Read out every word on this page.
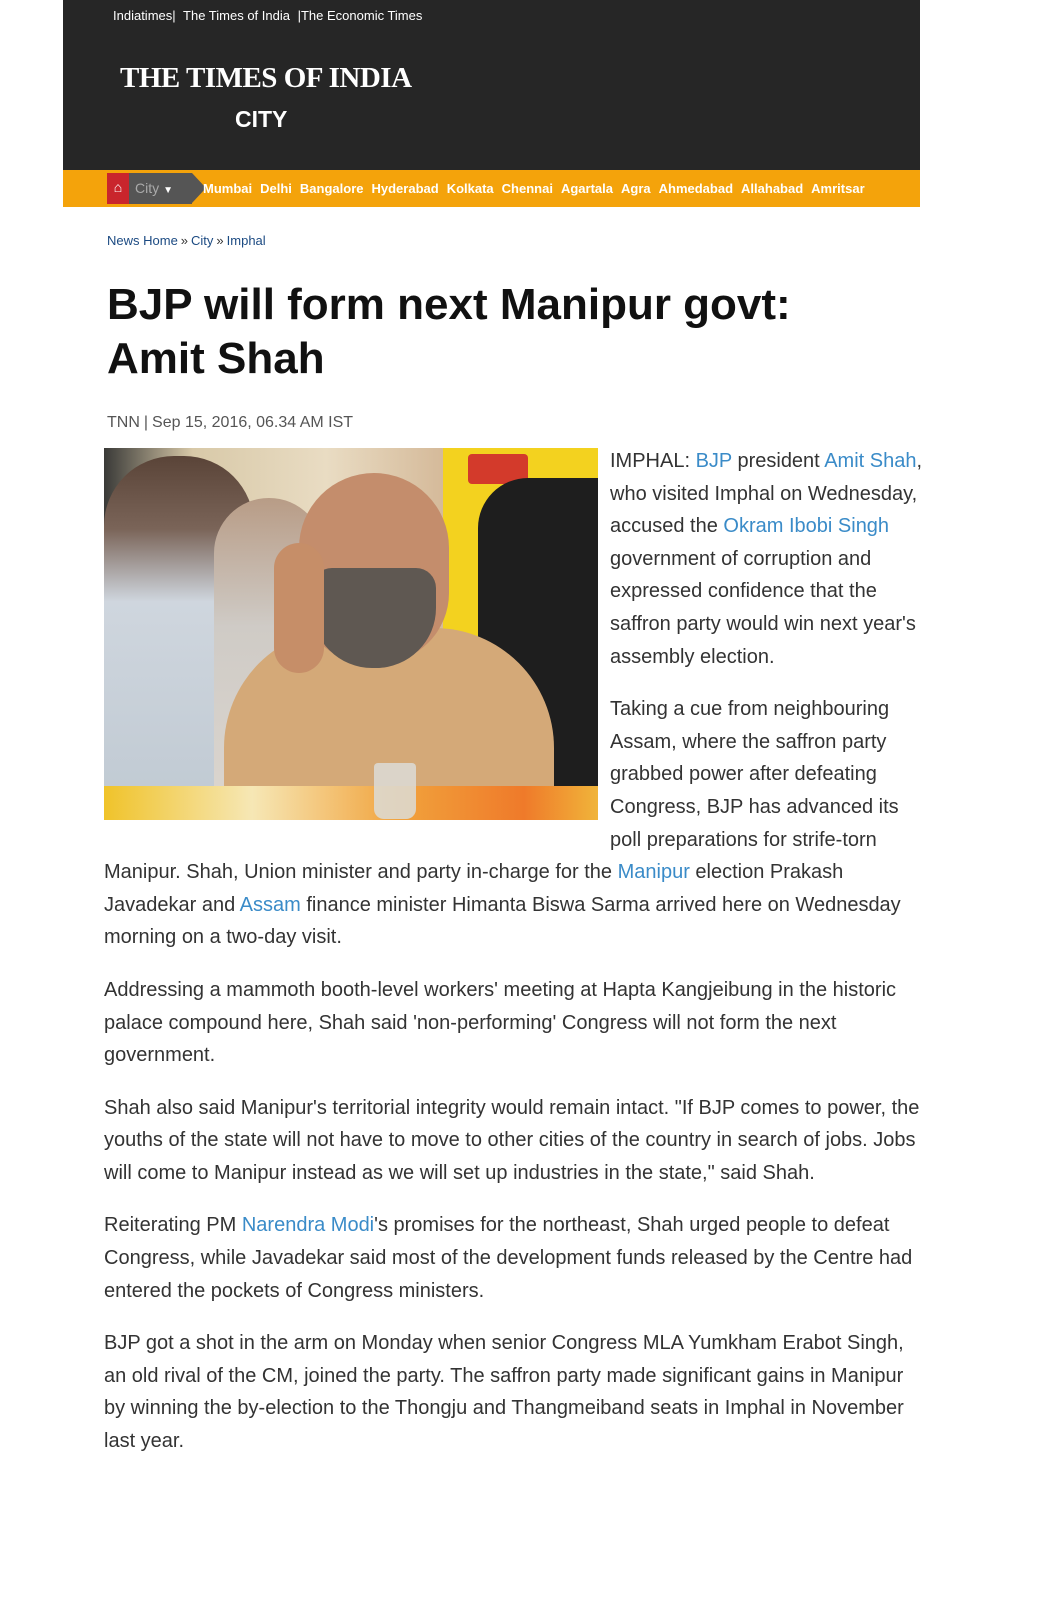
Indiatimes| The Times of India |The Economic Times
THE TIMES OF INDIA
CITY
⌂ City ▼	Mumbai Delhi Bangalore Hyderabad Kolkata Chennai Agartala Agra Ahmedabad Allahabad Amritsar
News Home » City » Imphal
BJP will form next Manipur govt: Amit Shah
TNN | Sep 15, 2016, 06.34 AM IST

IMPHAL: BJP president Amit Shah, who visited Imphal on Wednesday, accused the Okram Ibobi Singh government of corruption and expressed confidence that the saffron party would win next year's assembly election.

Taking a cue from neighbouring Assam, where the saffron party grabbed power after defeating Congress, BJP has advanced its poll preparations for strife-torn Manipur. Shah, Union minister and party in-charge for the Manipur election Prakash Javadekar and Assam finance minister Himanta Biswa Sarma arrived here on Wednesday morning on a two-day visit.

Addressing a mammoth booth-level workers' meeting at Hapta Kangjeibung in the historic palace compound here, Shah said 'non-performing' Congress will not form the next government.

Shah also said Manipur's territorial integrity would remain intact. "If BJP comes to power, the youths of the state will not have to move to other cities of the country in search of jobs. Jobs will come to Manipur instead as we will set up industries in the state," said Shah.

Reiterating PM Narendra Modi's promises for the northeast, Shah urged people to defeat Congress, while Javadekar said most of the development funds released by the Centre had entered the pockets of Congress ministers.

BJP got a shot in the arm on Monday when senior Congress MLA Yumkham Erabot Singh, an old rival of the CM, joined the party. The saffron party made significant gains in Manipur by winning the by-election to the Thongju and Thangmeiband seats in Imphal in November last year.
